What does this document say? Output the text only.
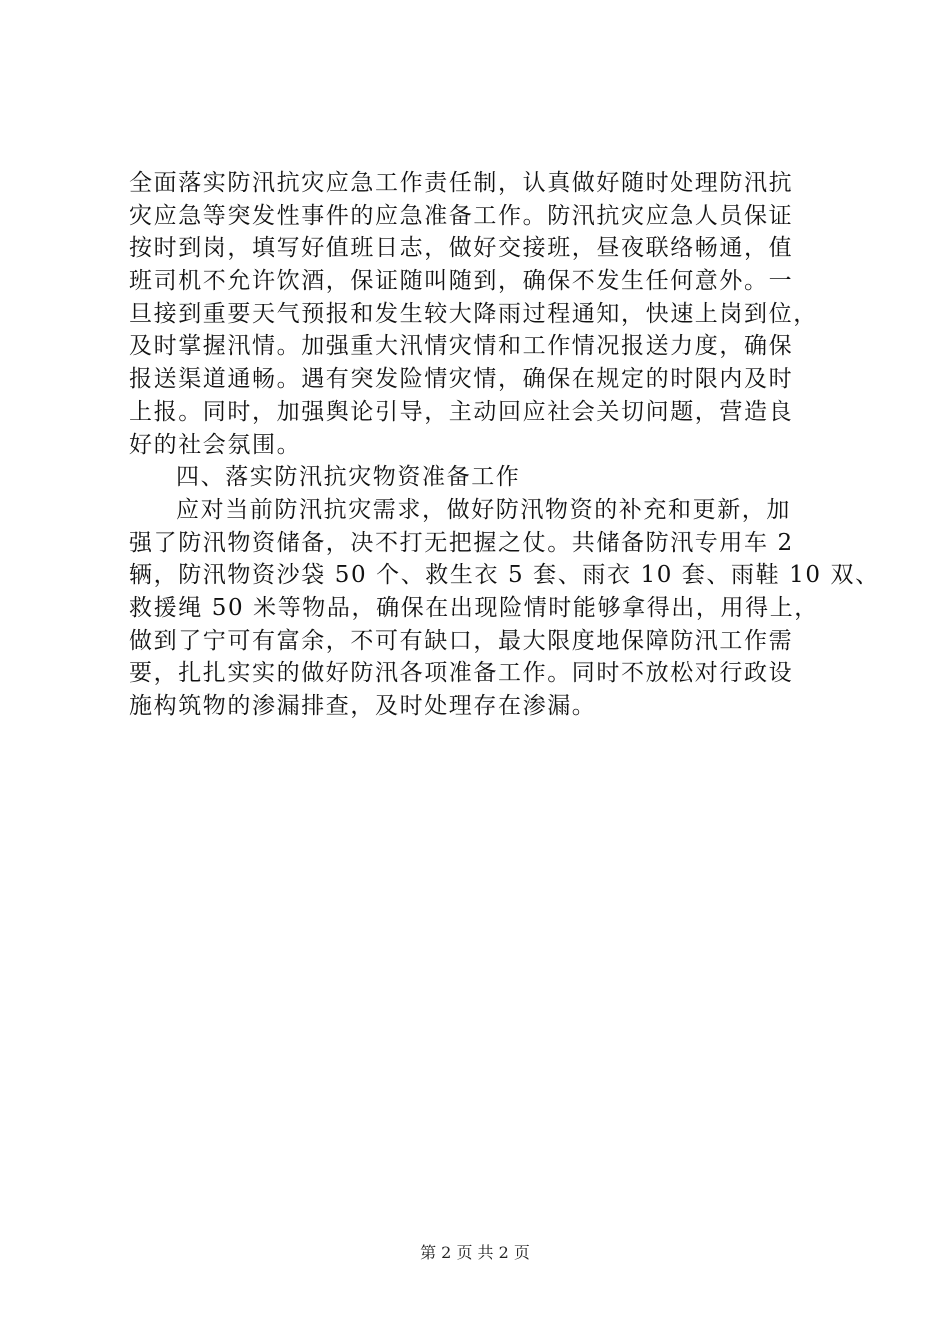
全面落实防汛抗灾应急工作责任制，认真做好随时处理防汛抗
灾应急等突发性事件的应急准备工作。防汛抗灾应急人员保证
按时到岗，填写好值班日志，做好交接班，昼夜联络畅通，值
班司机不允许饮酒，保证随叫随到，确保不发生任何意外。一
旦接到重要天气预报和发生较大降雨过程通知，快速上岗到位，
及时掌握汛情。加强重大汛情灾情和工作情况报送力度，确保
报送渠道通畅。遇有突发险情灾情，确保在规定的时限内及时
上报。同时，加强舆论引导，主动回应社会关切问题，营造良
好的社会氛围。
四、落实防汛抗灾物资准备工作
应对当前防汛抗灾需求，做好防汛物资的补充和更新，加
强了防汛物资储备，决不打无把握之仗。共储备防汛专用车 2
辆，防汛物资沙袋 50 个、救生衣 5 套、雨衣 10 套、雨鞋 10 双、
救援绳 50 米等物品，确保在出现险情时能够拿得出，用得上，
做到了宁可有富余，不可有缺口，最大限度地保障防汛工作需
要，扎扎实实的做好防汛各项准备工作。同时不放松对行政设
施构筑物的渗漏排查，及时处理存在渗漏。
第 2 页 共 2 页
